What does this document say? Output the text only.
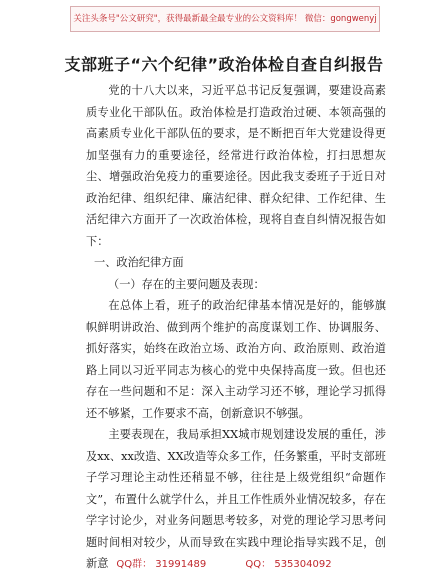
关注头条号"公文研究"，获得最新最全最专业的公文资料库！ 微信：gongwenyj
支部班子“六个纪律”政治体检自查自纠报告

党的十八大以来，习近平总书记反复强调，要建设高素质专业化干部队伍。政治体检是打造政治过硬、本领高强的高素质专业化干部队伍的要求，是不断把百年大党建设得更加坚强有力的重要途径，经常进行政治体检，打扫思想灰尘、增强政治免疫力的重要途径。因此我支委班子于近日对政治纪律、组织纪律、廉洁纪律、群众纪律、工作纪律、生活纪律六方面开了一次政治体检，现将自查自纠情况报告如下：

一、政治纪律方面

（一）存在的主要问题及表现：

在总体上看，班子的政治纪律基本情况是好的，能够旗帜鲜明讲政治、做到两个维护的高度谋划工作、协调服务、抓好落实，始终在政治立场、政治方向、政治原则、政治道路上同以习近平同志为核心的党中央保持高度一致。但也还存在一些问题和不足：深入主动学习还不够，理论学习抓得还不够紧，工作要求不高，创新意识不够强。

主要表现在，我局承担XX城市规划建设发展的重任，涉及xx、xx改造、XX改造等众多工作，任务繁重，平时支部班子学习理论主动性还稍显不够，往往是上级党组织“命题作文”，布置什么就学什么，并且工作性质外业情况较多，存在学字讨论少，对业务问题思考较多，对党的理论学习思考问题时间相对较少，从而导致在实践中理论指导实践不足，创新意 QQ群： 31991489	QQ： 535304092
